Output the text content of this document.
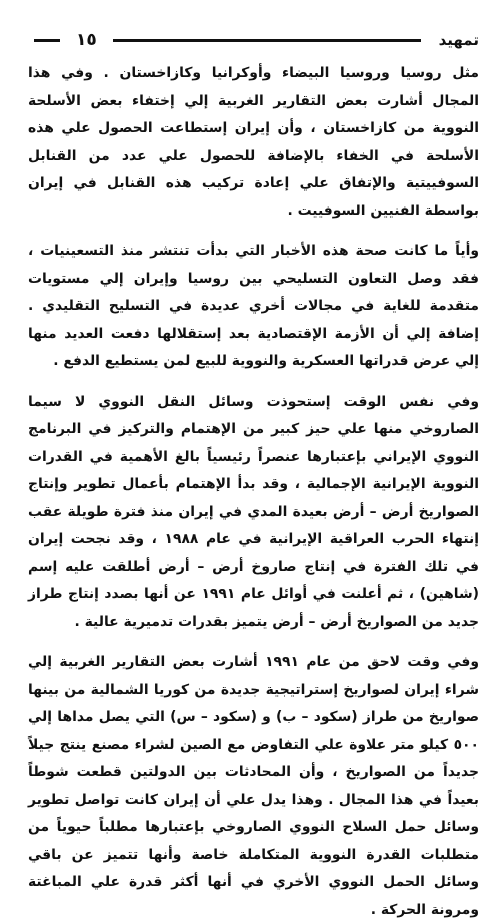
تمهيد
١٥

مثل روسيا وروسيا البيضاء وأوكرانيا وكازاخستان . وفي هذا المجال أشارت بعض التقارير الغربية إلي إختفاء بعض الأسلحة النووية من كازاخستان ، وأن إيران إستطاعت الحصول علي هذه الأسلحة في الخفاء بالإضافة للحصول علي عدد من القنابل السوفييتية والإتفاق علي إعادة تركيب هذه القنابل في إيران بواسطة الفنيين السوفييت .

وأياً ما كانت صحة هذه الأخبار التي بدأت تنتشر منذ التسعينيات ، فقد وصل التعاون التسليحي بين روسيا وإيران إلي مستويات متقدمة للغاية في مجالات أخري عديدة في التسليح التقليدي . إضافة إلي أن الأزمة الإقتصادية بعد إستقلالها دفعت العديد منها إلي عرض قدراتها العسكرية والنووية للبيع لمن يستطيع الدفع .

وفي نفس الوقت إستحوذت وسائل النقل النووي لا سيما الصاروخي منها علي حيز كبير من الإهتمام والتركيز في البرنامج النووي الإيراني بإعتبارها عنصراً رئيسياً بالغ الأهمية في القدرات النووية الإيرانية الإجمالية ، وقد بدأ الإهتمام بأعمال تطوير وإنتاج الصواريخ أرض – أرض بعيدة المدي في إيران منذ فترة طويلة عقب إنتهاء الحرب العراقية الإيرانية في عام ١٩٨٨ ، وقد نجحت إيران في تلك الفترة في إنتاج صاروخ أرض – أرض أطلقت عليه إسم (شاهين) ، ثم أعلنت في أوائل عام ١٩٩١ عن أنها بصدد إنتاج طراز جديد من الصواريخ أرض – أرض يتميز بقدرات تدميرية عالية .

وفي وقت لاحق من عام ١٩٩١ أشارت بعض التقارير الغربية إلي شراء إيران لصواريخ إستراتيجية جديدة من كوريا الشمالية من بينها صواريخ من طراز (سكود – ب) و (سكود – س) التي يصل مداها إلي ٥٠٠ كيلو متر علاوة علي التفاوض مع الصين لشراء مصنع ينتج جيلاً جديداً من الصواريخ ، وأن المحادثات بين الدولتين قطعت شوطاً بعيداً في هذا المجال . وهذا يدل علي أن إيران كانت تواصل تطوير وسائل حمل السلاح النووي الصاروخي بإعتبارها مطلباً حيوياً من متطلبات القدرة النووية المتكاملة خاصة وأنها تتميز عن باقي وسائل الحمل النووي الأخري في أنها أكثر قدرة علي المباغتة ومرونة الحركة .
